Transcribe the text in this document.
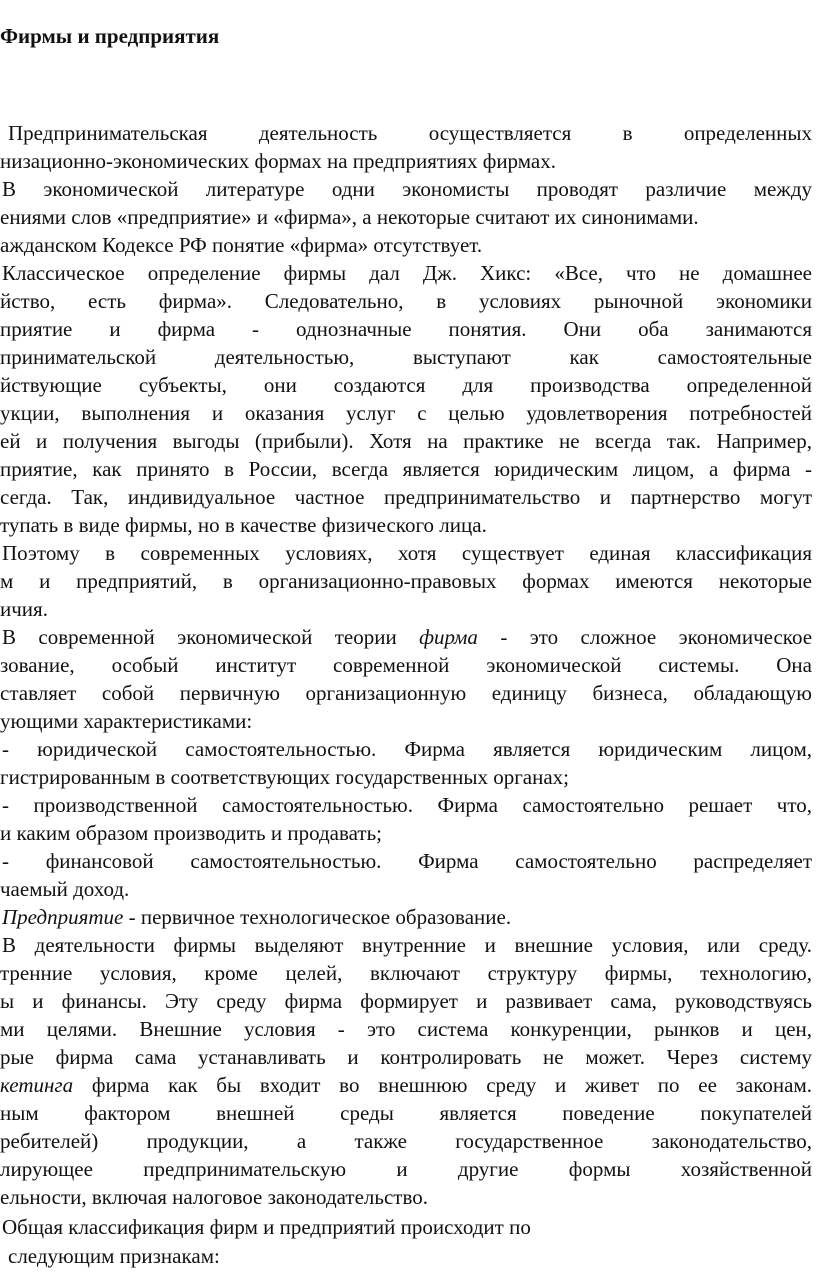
Фирмы и предприятия
Предпринимательская деятельность осуществляется в определенных
низационно-экономических формах на предприятиях фирмах.
В экономической литературе одни экономисты проводят различие между
ениями слов «предприятие» и «фирма», а некоторые считают их синонимами.
ажданском Кодексе РФ понятие «фирма» отсутствует.
Классическое определение фирмы дал Дж. Хикс: «Все, что не домашнее
йство, есть фирма». Следовательно, в условиях рыночной экономики
приятие и фирма - однозначные понятия. Они оба занимаются
принимательской деятельностью, выступают как самостоятельные
йствующие субъекты, они создаются для производства определенной
укции, выполнения и оказания услуг с целью удовлетворения потребностей
ей и получения выгоды (прибыли). Хотя на практике не всегда так. Например,
приятие, как принято в России, всегда является юридическим лицом, а фирма -
сегда. Так, индивидуальное частное предпринимательство и партнерство могут
тупать в виде фирмы, но в качестве физического лица.
Поэтому в современных условиях, хотя существует единая классификация
м и предприятий, в организационно-правовых формах имеются некоторые
ичия.
В современной экономической теории фирма - это сложное экономическое
зование, особый институт современной экономической системы. Она
ставляет собой первичную организационную единицу бизнеса, обладающую
ующими характеристиками:
- юридической самостоятельностью. Фирма является юридическим лицом,
гистрированным в соответствующих государственных органах;
- производственной самостоятельностью. Фирма самостоятельно решает что,
и каким образом производить и продавать;
- финансовой самостоятельностью. Фирма самостоятельно распределяет
чаемый доход.
Предприятие - первичное технологическое образование.
В деятельности фирмы выделяют внутренние и внешние условия, или среду.
тренние условия, кроме целей, включают структуру фирмы, технологию,
ы и финансы. Эту среду фирма формирует и развивает сама, руководствуясь
ми целями. Внешние условия - это система конкуренции, рынков и цен,
рые фирма сама устанавливать и контролировать не может. Через систему
кетинга фирма как бы входит во внешнюю среду и живет по ее законам.
ным фактором внешней среды является поведение покупателей
ребителей) продукции, а также государственное законодательство,
лирующее предпринимательскую и другие формы хозяйственной
ельности, включая налоговое законодательство.
Общая классификация фирм и предприятий происходит по
следующим признакам:
